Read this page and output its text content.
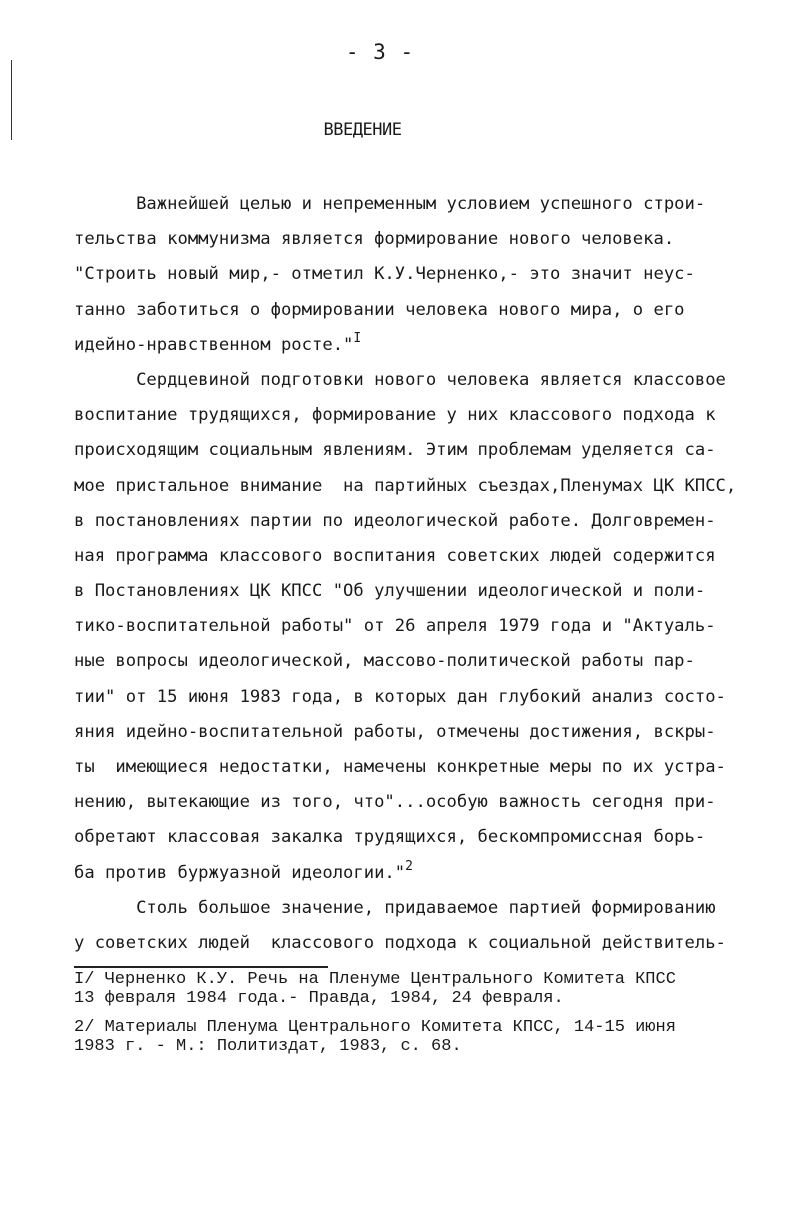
- 3 -
ВВЕДЕНИЕ
Важнейшей целью и непременным условием успешного строи-
тельства коммунизма является формирование нового человека.
"Строить новый мир,- отметил К.У.Черненко,- это значит неус-
танно заботиться о формировании человека нового мира, о его
идейно-нравственном росте."$^I$
Сердцевиной подготовки нового человека является классовое
воспитание трудящихся, формирование у них классового подхода к
происходящим социальным явлениям. Этим проблемам уделяется са-
мое пристальное внимание  на партийных съездах,Пленумах ЦК КПСС,
в постановлениях партии по идеологической работе. Долговремен-
ная программа классового воспитания советских людей содержится
в Постановлениях ЦК КПСС "Об улучшении идеологической и поли-
тико-воспитательной работы" от 26 апреля 1979 года и "Актуаль-
ные вопросы идеологической, массово-политической работы пар-
тии" от 15 июня 1983 года, в которых дан глубокий анализ состо-
яния идейно-воспитательной работы, отмечены достижения, вскры-
ты  имеющиеся недостатки, намечены конкретные меры по их устра-
нению, вытекающие из того, что"...особую важность сегодня при-
обретают классовая закалка трудящихся, бескомпромиссная борь-
ба против буржуазной идеологии."$^2$
Столь большое значение, придаваемое партией формированию
у советских людей  классового подхода к социальной действитель-
I/ Черненко К.У. Речь на Пленуме Центрального Комитета КПСС
13 февраля 1984 года.- Правда, 1984, 24 февраля.
2/ Материалы Пленума Центрального Комитета КПСС, 14-15 июня
1983 г. - М.: Политиздат, 1983, с. 68.
